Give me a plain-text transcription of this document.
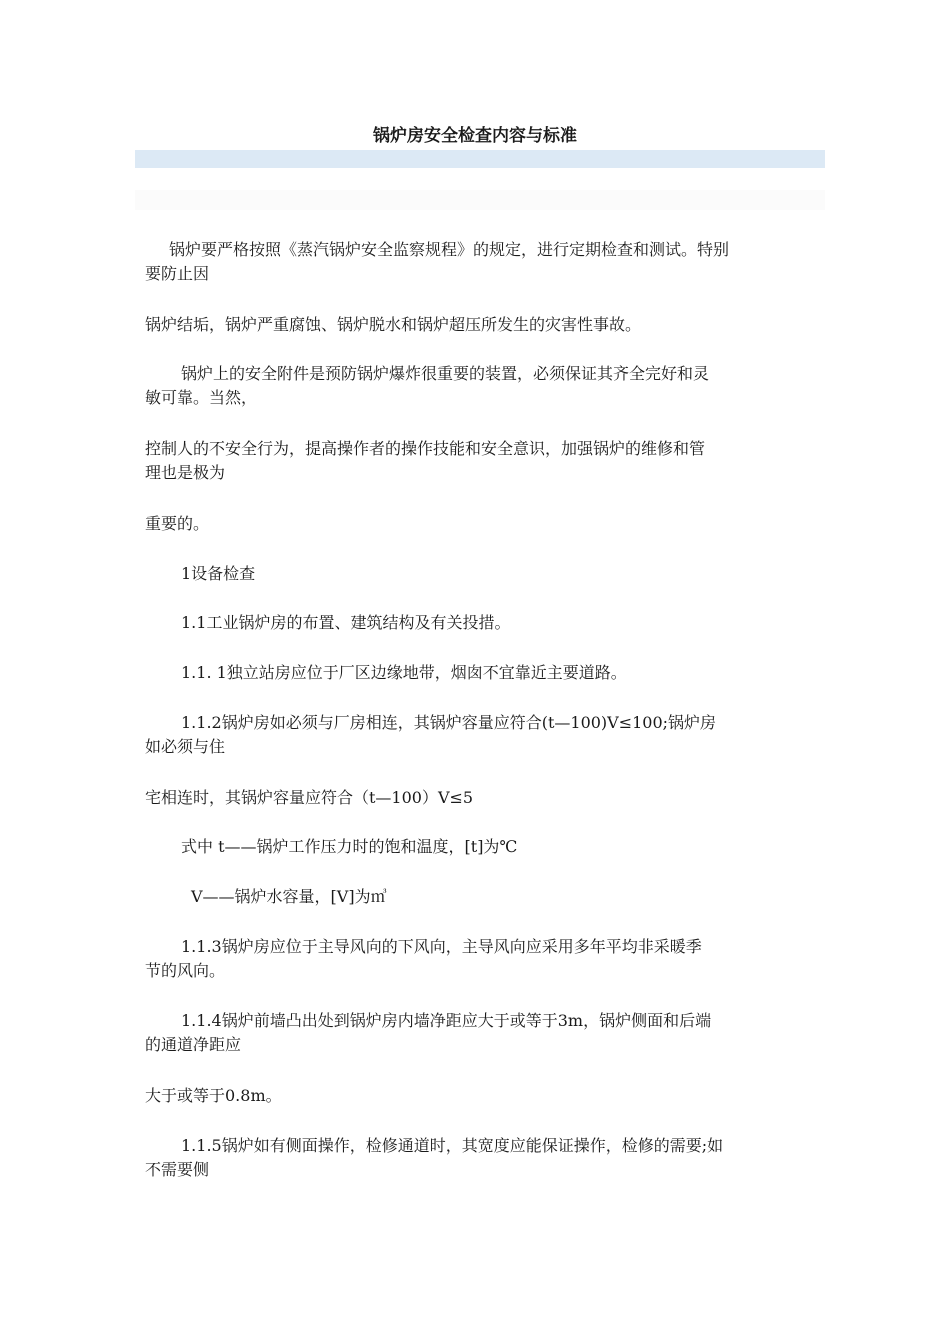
锅炉房安全检查内容与标准

锅炉要严格按照《蒸汽锅炉安全监察规程》的规定，进行定期检查和测试。特别
要防止因

锅炉结垢，锅炉严重腐蚀、锅炉脱水和锅炉超压所发生的灾害性事故。

锅炉上的安全附件是预防锅炉爆炸很重要的装置，必须保证其齐全完好和灵
敏可靠。当然，

控制人的不安全行为，提高操作者的操作技能和安全意识，加强锅炉的维修和管
理也是极为

重要的。

1设备检查

1.1工业锅炉房的布置、建筑结构及有关投措。

1.1. 1独立站房应位于厂区边缘地带，烟囱不宜靠近主要道路。

1.1.2锅炉房如必须与厂房相连，其锅炉容量应符合(t—100)V≤100;锅炉房
如必须与住

宅相连时，其锅炉容量应符合（t—100）V≤5

式中 t——锅炉工作压力时的饱和温度，[t]为℃

V——锅炉水容量，[V]为㎥

1.1.3锅炉房应位于主导风向的下风向，主导风向应采用多年平均非采暖季
节的风向。

1.1.4锅炉前墙凸出处到锅炉房内墙净距应大于或等于3m，锅炉侧面和后端
的通道净距应

大于或等于0.8m。

1.1.5锅炉如有侧面操作，检修通道时，其宽度应能保证操作，检修的需要;如
不需要侧
